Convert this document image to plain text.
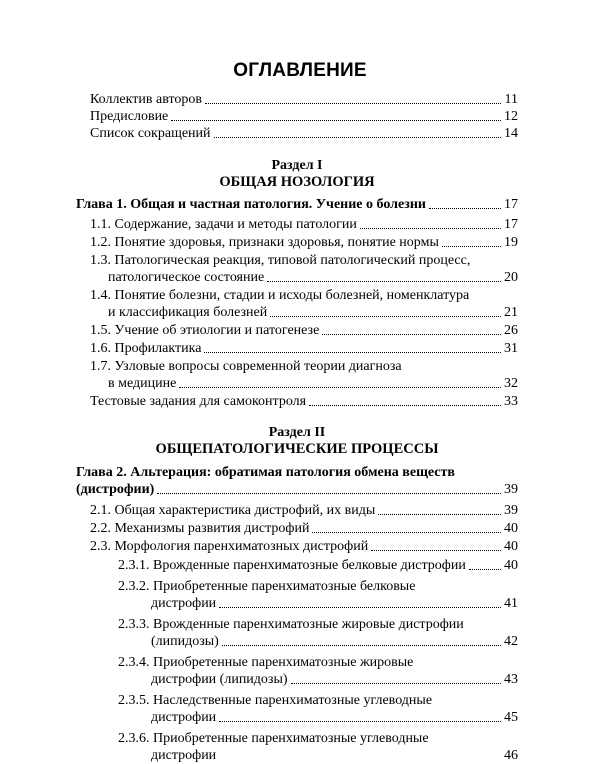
ОГЛАВЛЕНИЕ
Коллектив авторов	11
Предисловие	12
Список сокращений	14
Раздел I
ОБЩАЯ НОЗОЛОГИЯ
Глава 1. Общая и частная патология. Учение о болезни	17
1.1. Содержание, задачи и методы патологии	17
1.2. Понятие здоровья, признаки здоровья, понятие нормы	19
1.3. Патологическая реакция, типовой патологический процесс,
патологическое состояние	20
1.4. Понятие болезни, стадии и исходы болезней, номенклатура
и классификация болезней	21
1.5. Учение об этиологии и патогенезе	26
1.6. Профилактика	31
1.7. Узловые вопросы современной теории диагноза
в медицине	32
Тестовые задания для самоконтроля	33
Раздел II
ОБЩЕПАТОЛОГИЧЕСКИЕ ПРОЦЕССЫ
Глава 2. Альтерация: обратимая патология обмена веществ
(дистрофии)	39
2.1. Общая характеристика дистрофий, их виды	39
2.2. Механизмы развития дистрофий	40
2.3. Морфология паренхиматозных дистрофий	40
2.3.1. Врожденные паренхиматозные белковые дистрофии	40
2.3.2. Приобретенные паренхиматозные белковые
дистрофии	41
2.3.3. Врожденные паренхиматозные жировые дистрофии
(липидозы)	42
2.3.4. Приобретенные паренхиматозные жировые
дистрофии (липидозы)	43
2.3.5. Наследственные паренхиматозные углеводные
дистрофии	45
2.3.6. Приобретенные паренхиматозные углеводные
дистрофии	46
